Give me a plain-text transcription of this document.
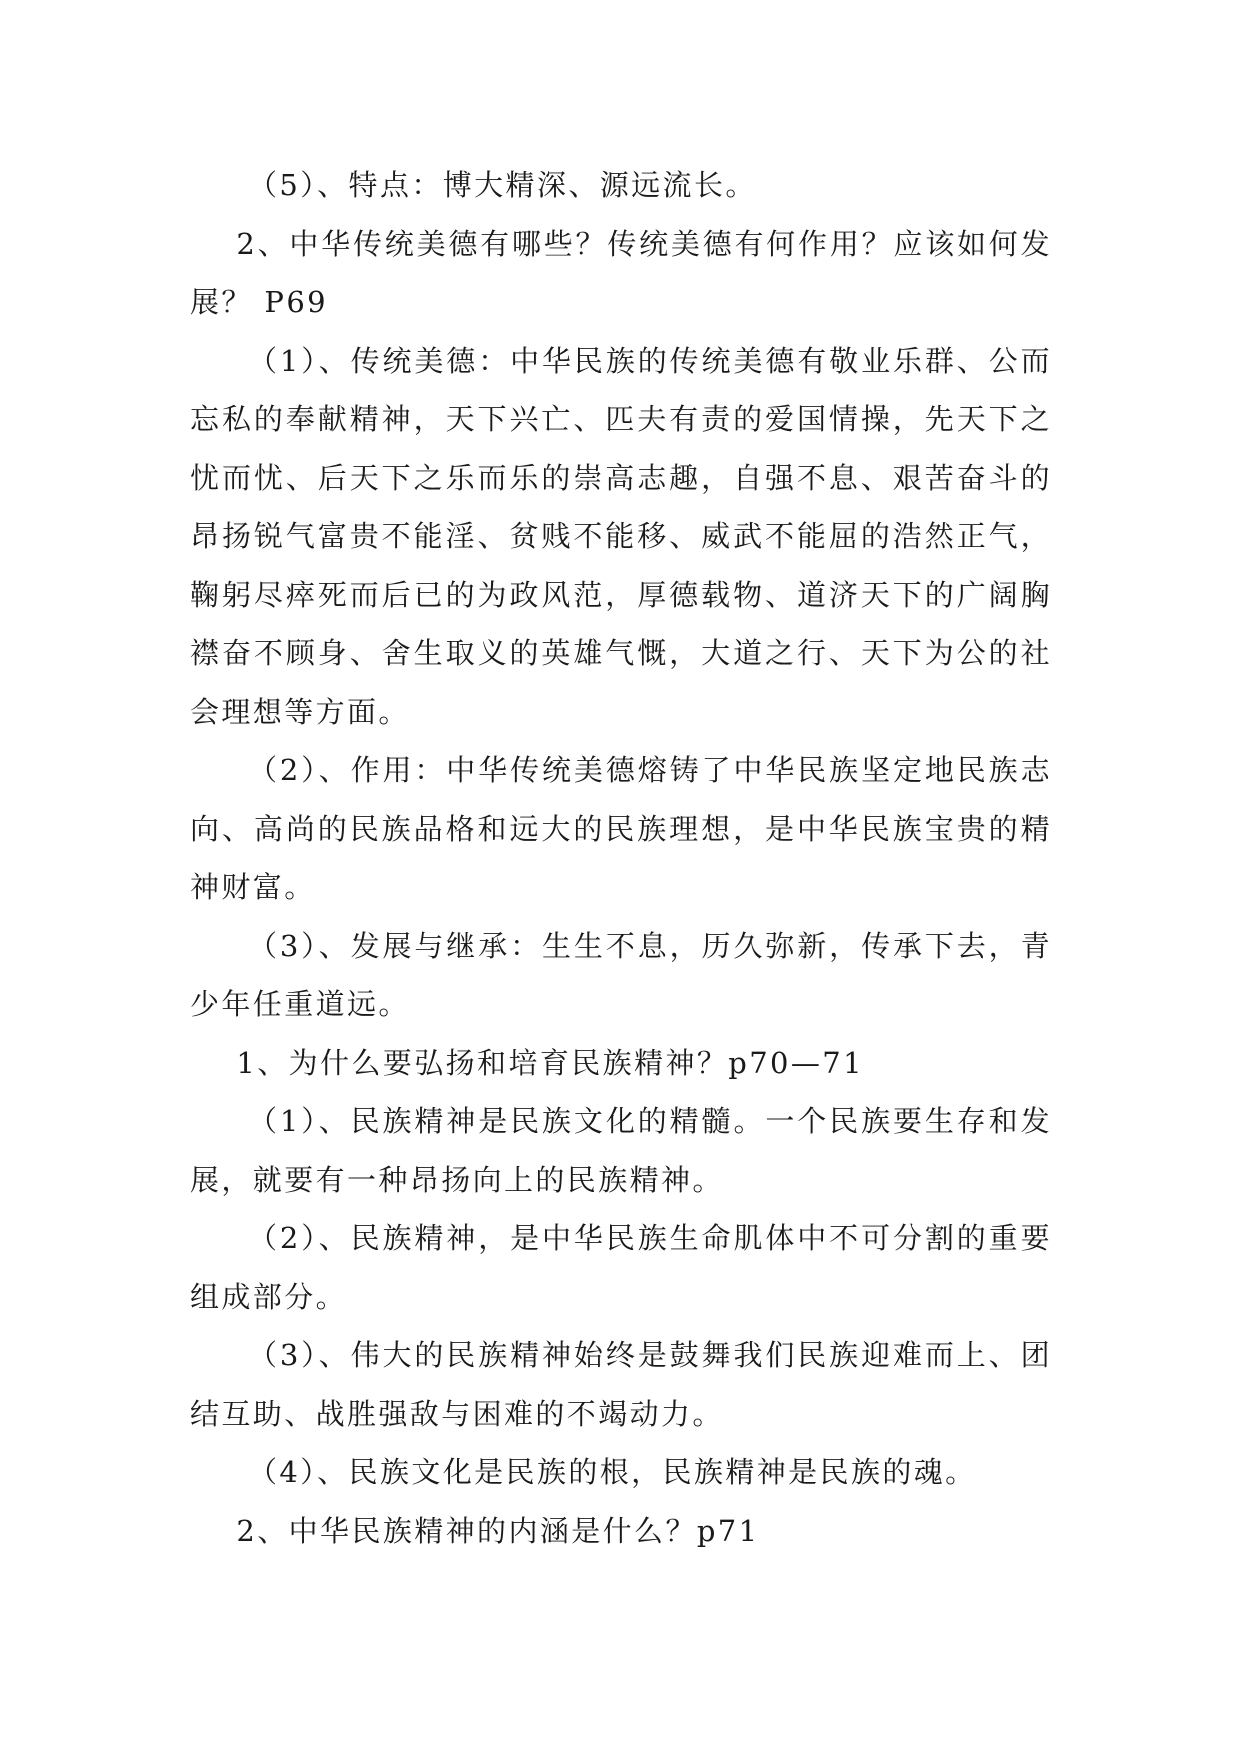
（5）、特点：博大精深、源远流长。

2、中华传统美德有哪些？传统美德有何作用？应该如何发展？ P69

（1）、传统美德：中华民族的传统美德有敬业乐群、公而忘私的奉献精神，天下兴亡、匹夫有责的爱国情操，先天下之忧而忧、后天下之乐而乐的崇高志趣，自强不息、艰苦奋斗的昂扬锐气富贵不能淫、贫贱不能移、威武不能屈的浩然正气，鞠躬尽瘁死而后已的为政风范，厚德载物、道济天下的广阔胸襟奋不顾身、舍生取义的英雄气慨，大道之行、天下为公的社会理想等方面。

（2）、作用：中华传统美德熔铸了中华民族坚定地民族志向、高尚的民族品格和远大的民族理想，是中华民族宝贵的精神财富。

（3）、发展与继承：生生不息，历久弥新，传承下去，青少年任重道远。

1、为什么要弘扬和培育民族精神？p70—71

（1）、民族精神是民族文化的精髓。一个民族要生存和发展，就要有一种昂扬向上的民族精神。

（2）、民族精神，是中华民族生命肌体中不可分割的重要组成部分。

（3）、伟大的民族精神始终是鼓舞我们民族迎难而上、团结互助、战胜强敌与困难的不竭动力。

（4）、民族文化是民族的根，民族精神是民族的魂。

2、中华民族精神的内涵是什么？p71
